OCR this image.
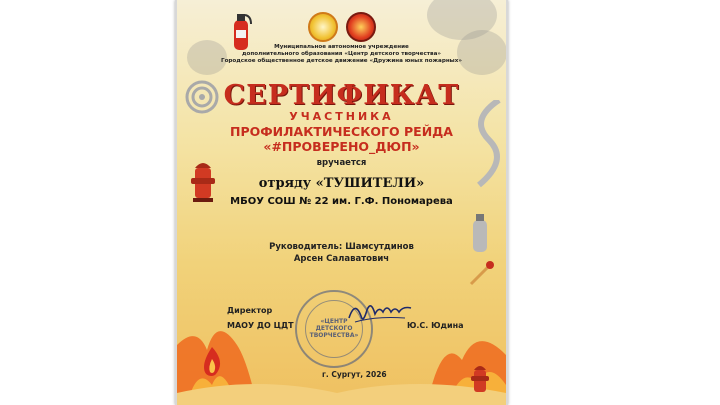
Муниципальное автономное учреждение
дополнительного образования «Центр детского творчества»
Городское общественное детское движение «Дружина юных пожарных»
СЕРТИФИКАТ
УЧАСТНИКА
ПРОФИЛАКТИЧЕСКОГО РЕЙДА
«#ПРОВЕРЕНО_ДЮП»
вручается
отряду «ТУШИТЕЛИ»
МБОУ СОШ № 22 им. Г.Ф. Пономарева
Руководитель: Шамсутдинов
Арсен Салаватович
«ЦЕНТР
ДЕТСКОГО
ТВОРЧЕСТВА»
Директор
МАОУ ДО ЦДТ	Ю.С. Юдина
г. Сургут, 2026
